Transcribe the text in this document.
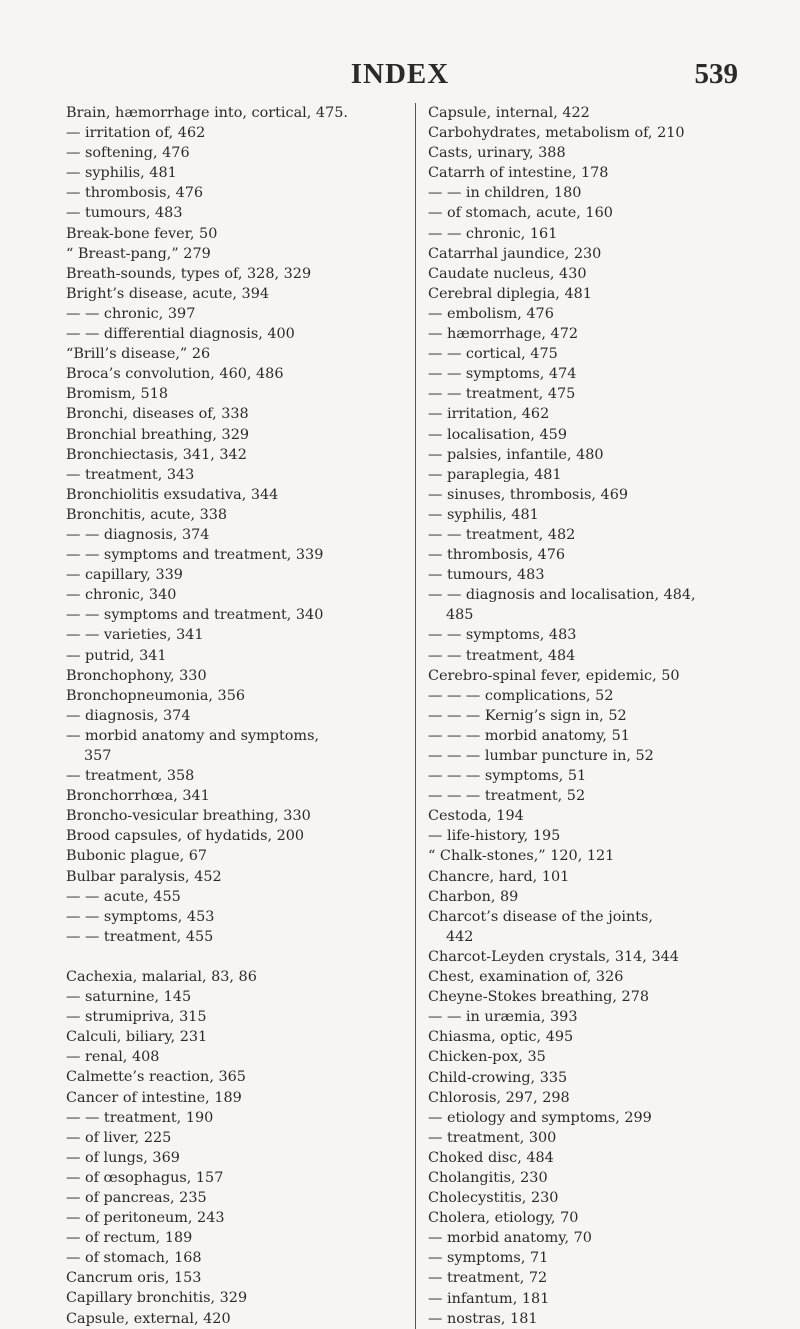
INDEX	539
Brain, hæmorrhage into, cortical, 475.
— irritation of, 462
— softening, 476
— syphilis, 481
— thrombosis, 476
— tumours, 483
Break-bone fever, 50
“ Breast-pang,” 279
Breath-sounds, types of, 328, 329
Bright’s disease, acute, 394
— — chronic, 397
— — differential diagnosis, 400
“Brill’s disease,” 26
Broca’s convolution, 460, 486
Bromism, 518
Bronchi, diseases of, 338
Bronchial breathing, 329
Bronchiectasis, 341, 342
— treatment, 343
Bronchiolitis exsudativa, 344
Bronchitis, acute, 338
— — diagnosis, 374
— — symptoms and treatment, 339
— capillary, 339
— chronic, 340
— — symptoms and treatment, 340
— — varieties, 341
— putrid, 341
Bronchophony, 330
Bronchopneumonia, 356
— diagnosis, 374
— morbid anatomy and symptoms,
357
— treatment, 358
Bronchorrhœa, 341
Broncho-vesicular breathing, 330
Brood capsules, of hydatids, 200
Bubonic plague, 67
Bulbar paralysis, 452
— — acute, 455
— — symptoms, 453
— — treatment, 455
Cachexia, malarial, 83, 86
— saturnine, 145
— strumipriva, 315
Calculi, biliary, 231
— renal, 408
Calmette’s reaction, 365
Cancer of intestine, 189
— — treatment, 190
— of liver, 225
— of lungs, 369
— of œsophagus, 157
— of pancreas, 235
— of peritoneum, 243
— of rectum, 189
— of stomach, 168
Cancrum oris, 153
Capillary bronchitis, 329
Capsule, external, 420
Capsule, internal, 422
Carbohydrates, metabolism of, 210
Casts, urinary, 388
Catarrh of intestine, 178
— — in children, 180
— of stomach, acute, 160
— — chronic, 161
Catarrhal jaundice, 230
Caudate nucleus, 430
Cerebral diplegia, 481
— embolism, 476
— hæmorrhage, 472
— — cortical, 475
— — symptoms, 474
— — treatment, 475
— irritation, 462
— localisation, 459
— palsies, infantile, 480
— paraplegia, 481
— sinuses, thrombosis, 469
— syphilis, 481
— — treatment, 482
— thrombosis, 476
— tumours, 483
— — diagnosis and localisation, 484,
485
— — symptoms, 483
— — treatment, 484
Cerebro-spinal fever, epidemic, 50
— — — complications, 52
— — — Kernig’s sign in, 52
— — — morbid anatomy, 51
— — — lumbar puncture in, 52
— — — symptoms, 51
— — — treatment, 52
Cestoda, 194
— life-history, 195
“ Chalk-stones,” 120, 121
Chancre, hard, 101
Charbon, 89
Charcot’s disease of the joints,
442
Charcot-Leyden crystals, 314, 344
Chest, examination of, 326
Cheyne-Stokes breathing, 278
— — in uræmia, 393
Chiasma, optic, 495
Chicken-pox, 35
Child-crowing, 335
Chlorosis, 297, 298
— etiology and symptoms, 299
— treatment, 300
Choked disc, 484
Cholangitis, 230
Cholecystitis, 230
Cholera, etiology, 70
— morbid anatomy, 70
— symptoms, 71
— treatment, 72
— infantum, 181
— nostras, 181
